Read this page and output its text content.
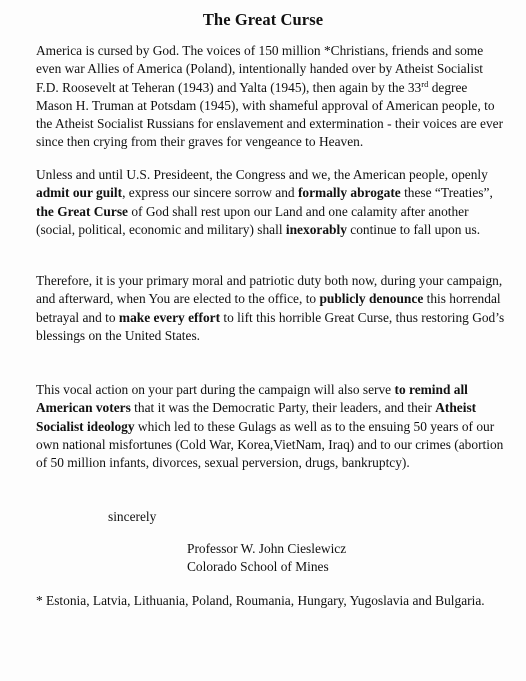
The Great Curse

America is cursed by God. The voices of 150 million *Christians, friends and some even war Allies of America (Poland), intentionally handed over by Atheist Socialist F.D. Roosevelt at Teheran (1943) and Yalta (1945), then again by the 33rd degree Mason H. Truman at Potsdam (1945), with shameful approval of American people, to the Atheist Socialist Russians for enslavement and extermination - their voices are ever since then crying from their graves for vengeance to Heaven.

Unless and until U.S. Presideent, the Congress and we, the American people, openly admit our guilt, express our sincere sorrow and formally abrogate these “Treaties”, the Great Curse of God shall rest upon our Land and one calamity after another (social, political, economic and military) shall inexorably continue to fall upon us.

Therefore, it is your primary moral and patriotic duty both now, during your campaign, and afterward, when You are elected to the office, to publicly denounce this horrendal betrayal and to make every effort to lift this horrible Great Curse, thus restoring God’s blessings on the United States.

This vocal action on your part during the campaign will also serve to remind all American voters that it was the Democratic Party, their leaders, and their Atheist Socialist ideology which led to these Gulags as well as to the ensuing 50 years of our own national misfortunes (Cold War, Korea,VietNam, Iraq) and to our crimes (abortion of 50 million infants, divorces, sexual perversion, drugs, bankruptcy).

sincerely
Professor W. John Cieslewicz
Colorado School of Mines

* Estonia, Latvia, Lithuania, Poland, Roumania, Hungary, Yugoslavia and Bulgaria.
